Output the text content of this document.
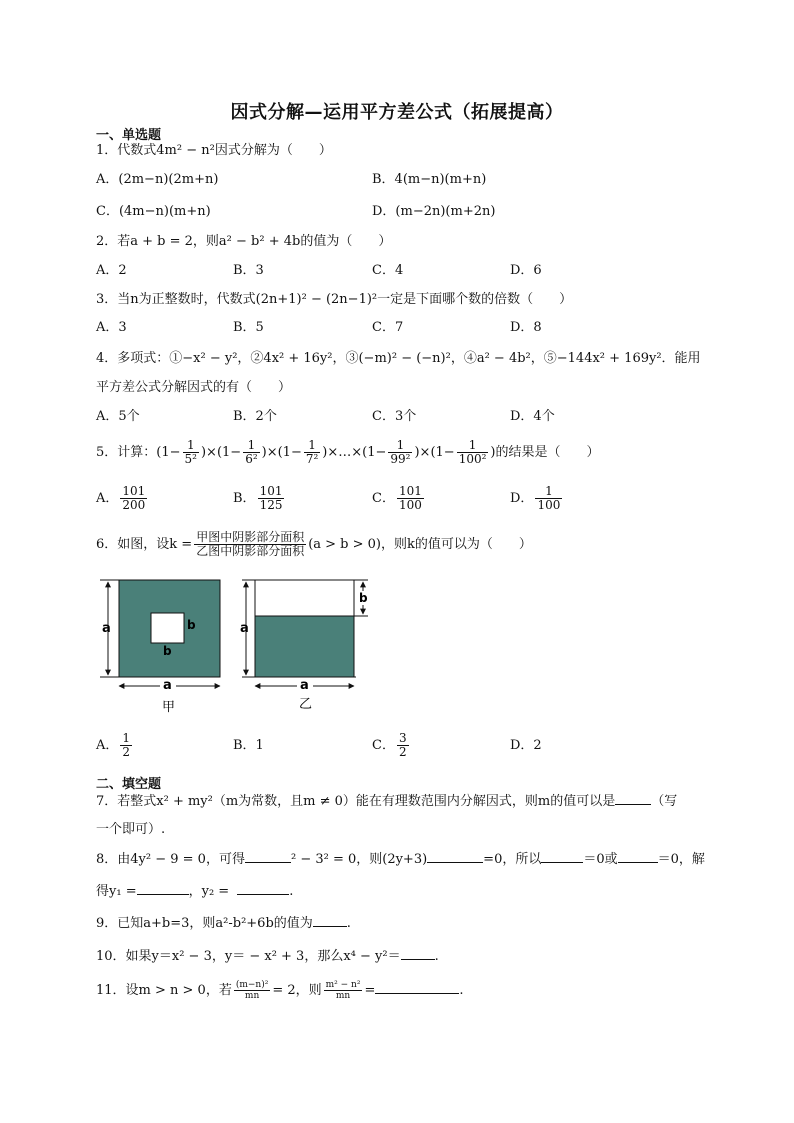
因式分解—运用平方差公式（拓展提高）
一、单选题
1．代数式4m² − n²因式分解为（　　）
A．(2m−n)(2m+n)	B．4(m−n)(m+n)
C．(4m−n)(m+n)	D．(m−2n)(m+2n)
2．若a + b = 2，则a² − b² + 4b的值为（　　）
A．2	B．3	C．4	D．6
3．当n为正整数时，代数式(2n+1)² − (2n−1)²一定是下面哪个数的倍数（　　）
A．3	B．5	C．7	D．8
4．多项式：①−x² − y²，②4x² + 16y²，③(−m)² − (−n)²，④a² − 4b²，⑤−144x² + 169y²．能用
平方差公式分解因式的有（　　）
A．5个	B．2个	C．3个	D．4个
5．计算：$(1- \frac{1}{\text{5²}} )\times(1- \frac{1}{\text{6²}} )\times(1- \frac{1}{\text{7²}}$ )×…×(1− $\frac{1}{\text{99²}} )\times(1- \frac{1}{\text{100²}}$ )的结果是（　　）
A． $\frac{101}{200}$	B． $\frac{101}{125}$	C． $\frac{101}{100}$	D． $\frac{1}{100}$
6．如图，设$k = \frac{\text{甲图中阴影部分面积}}{\text{乙图中阴影部分面积}} (a > b > 0)$，则k的值可以为（　　）
a	b
b
a
甲
a
b
a
乙
A． $\frac{1}{2}$	B．1	C． $\frac{3}{2}$	D．2
二、填空题
7．若整式x² + my²（m为常数，且m ≠ 0）能在有理数范围内分解因式，则m的值可以是	（写
一个即可）.
8．由4y² − 9 = 0，可得	² − 3² = 0，则(2y+3)	=0，所以	＝0或	＝0，解
得y₁ =	，y₂ =	.
9．已知a+b=3，则a²-b²+6b的值为	.
10．如果y＝x² − 3，y＝ − x² + 3，那么x⁴ − y²＝	.
11．设m > n > 0，若 $\frac{\text{(m−n)²}}{mn} = 2$，则 $\frac{\text{m² − n²}}{mn}$ =	.
